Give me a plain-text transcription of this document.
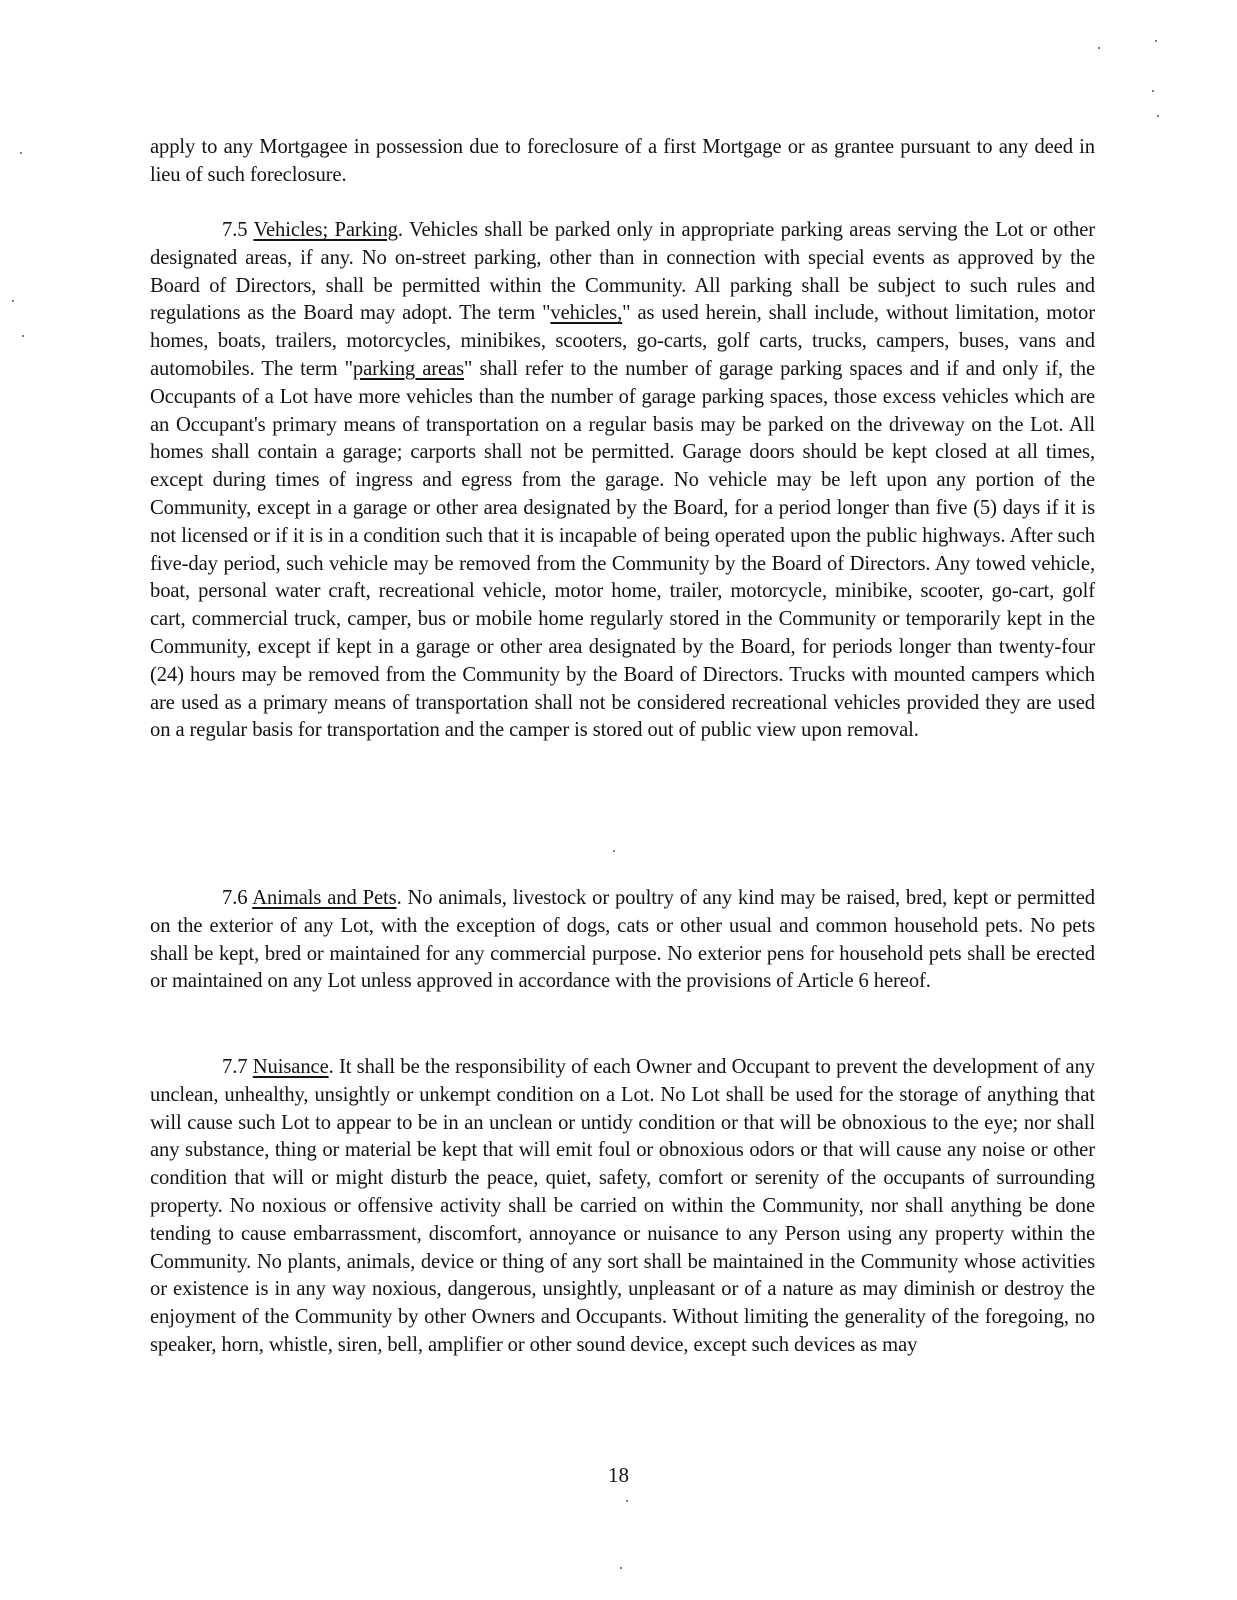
apply to any Mortgagee in possession due to foreclosure of a first Mortgage or as grantee pursuant to any deed in lieu of such foreclosure.

7.5 Vehicles; Parking. Vehicles shall be parked only in appropriate parking areas serving the Lot or other designated areas, if any. No on-street parking, other than in connection with special events as approved by the Board of Directors, shall be permitted within the Community. All parking shall be subject to such rules and regulations as the Board may adopt. The term "vehicles," as used herein, shall include, without limitation, motor homes, boats, trailers, motorcycles, minibikes, scooters, go-carts, golf carts, trucks, campers, buses, vans and automobiles. The term "parking areas" shall refer to the number of garage parking spaces and if and only if, the Occupants of a Lot have more vehicles than the number of garage parking spaces, those excess vehicles which are an Occupant's primary means of transportation on a regular basis may be parked on the driveway on the Lot. All homes shall contain a garage; carports shall not be permitted. Garage doors should be kept closed at all times, except during times of ingress and egress from the garage. No vehicle may be left upon any portion of the Community, except in a garage or other area designated by the Board, for a period longer than five (5) days if it is not licensed or if it is in a condition such that it is incapable of being operated upon the public highways. After such five-day period, such vehicle may be removed from the Community by the Board of Directors. Any towed vehicle, boat, personal water craft, recreational vehicle, motor home, trailer, motorcycle, minibike, scooter, go-cart, golf cart, commercial truck, camper, bus or mobile home regularly stored in the Community or temporarily kept in the Community, except if kept in a garage or other area designated by the Board, for periods longer than twenty-four (24) hours may be removed from the Community by the Board of Directors. Trucks with mounted campers which are used as a primary means of transportation shall not be considered recreational vehicles provided they are used on a regular basis for transportation and the camper is stored out of public view upon removal.

7.6 Animals and Pets. No animals, livestock or poultry of any kind may be raised, bred, kept or permitted on the exterior of any Lot, with the exception of dogs, cats or other usual and common household pets. No pets shall be kept, bred or maintained for any commercial purpose. No exterior pens for household pets shall be erected or maintained on any Lot unless approved in accordance with the provisions of Article 6 hereof.

7.7 Nuisance. It shall be the responsibility of each Owner and Occupant to prevent the development of any unclean, unhealthy, unsightly or unkempt condition on a Lot. No Lot shall be used for the storage of anything that will cause such Lot to appear to be in an unclean or untidy condition or that will be obnoxious to the eye; nor shall any substance, thing or material be kept that will emit foul or obnoxious odors or that will cause any noise or other condition that will or might disturb the peace, quiet, safety, comfort or serenity of the occupants of surrounding property. No noxious or offensive activity shall be carried on within the Community, nor shall anything be done tending to cause embarrassment, discomfort, annoyance or nuisance to any Person using any property within the Community. No plants, animals, device or thing of any sort shall be maintained in the Community whose activities or existence is in any way noxious, dangerous, unsightly, unpleasant or of a nature as may diminish or destroy the enjoyment of the Community by other Owners and Occupants. Without limiting the generality of the foregoing, no speaker, horn, whistle, siren, bell, amplifier or other sound device, except such devices as may

18
